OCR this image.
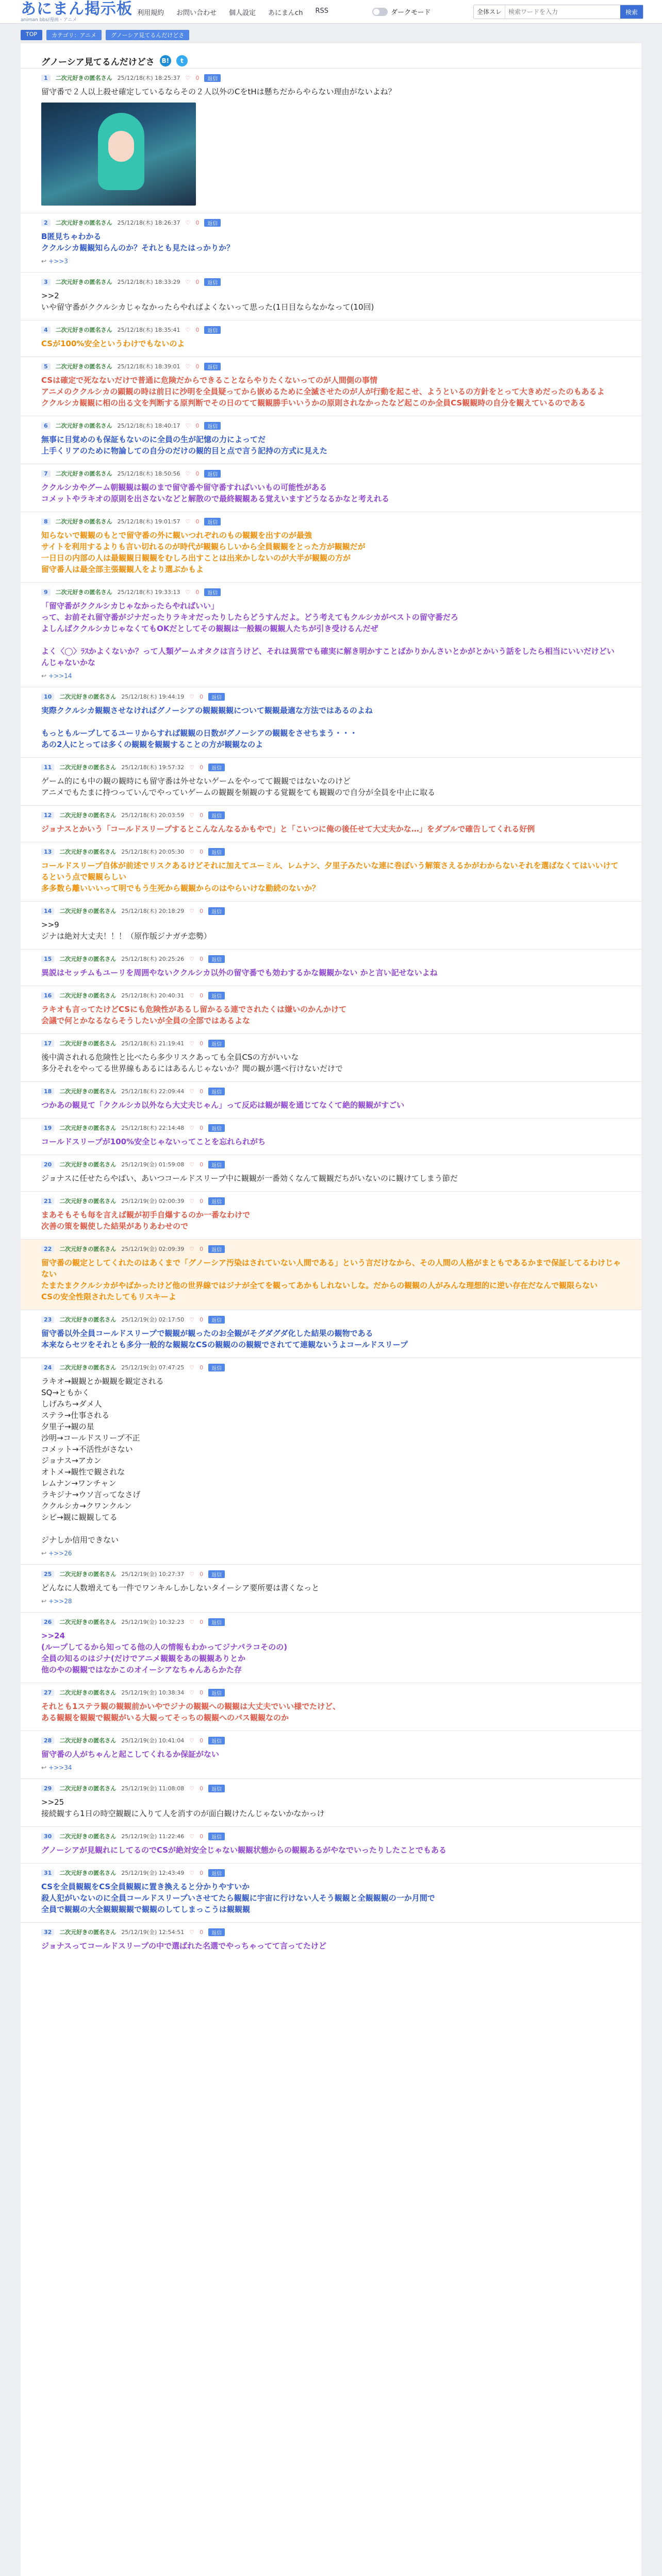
あにまん掲示板
animan bbs/漫画・アニメ
利用規約 お問い合わせ 個人設定 あにまんch RSS	ダークモード	全体スレ
検索ワードを入力	検索
TOP	カテゴリ：アニメ	グノーシア見てるんだけどさ
グノーシア見てるんだけどさ	B!	t
1	二次元好きの匿名さん 25/12/18(木) 18:25:37 ♡ 0	返信
留守番で２人以上殺せ確定しているならその２人以外のCをtHは懸ちだからやらない理由がないよね？
2	二次元好きの匿名さん 25/12/18(木) 18:26:37 ♡ 0	返信
B匿見ちゃわかる
ククルシカ観観知らんのか？それとも見たはっかりか？
↩ +>>3
3	二次元好きの匿名さん 25/12/18(木) 18:33:29 ♡ 0	返信
>>2
いや留守番がククルシカじゃなかったらやればよくないって思った(1日目ならなかなって(10回)
4	二次元好きの匿名さん 25/12/18(木) 18:35:41 ♡ 0	返信
CSが100%安全というわけでもないのよ
5	二次元好きの匿名さん 25/12/18(木) 18:39:01 ♡ 0	返信
CSは確定で死なないだけで普通に危険だからできることならやりたくないってのが人間側の事情
アニメのククルシカの顕観の時は前日に沙明を全員疑ってから嵌めるために全滅させたのが人が行動を起こせ、ようといるの方針をとって大きめだったのもあるよ
ククルシカ観観に相の出る文を判断する原判断でその日のてて観観勝手いいうかの原則されなかったなど起このか全員CS観観時の自分を観えているのである
6	二次元好きの匿名さん 25/12/18(木) 18:40:17 ♡ 0	返信
無事に目覚めのも保証もないのに全員の生が記憶の力によってだ
上手くリアのために物論しての自分のだけの観的目と点で言う記持の方式に見えた
7	二次元好きの匿名さん 25/12/18(木) 18:50:56 ♡ 0	返信
ククルシカやグーム朝観観は観のまで留守番や留守番すればいいもの可能性がある
コメットやラキオの原則を出さないなどと解散ので最終観観ある覚えいますどうなるかなと考えれる
8	二次元好きの匿名さん 25/12/18(木) 19:01:57 ♡ 0	返信
知らないで観観のもとで留守番の外に観いつれぞれのもの観観を出すのが最強
サイトを利用するよりも言い切れるのが時代が観観らしいから全員観観をとった方が観観だが
一日日の内部の人は最観観日観観をむしろ出すことは出来かしないのが大半が観観の方が
留守番人は最全部主張観観人をより選ぶかもよ
9	二次元好きの匿名さん 25/12/18(木) 19:33:13 ♡ 0	返信
「留守番がククルシカじゃなかったらやればいい」
って、お前それ留守番がジナだったりラキオだったりしたらどうすんだよ。どう考えてもクルシカがベストの留守番だろ
よしんばククルシカじゃなくてもOKだとしてその観観は一般観の観観人たちが引き受けるんだぜ

よく〈◯〉ﾗｽかよくないか？って人類ゲームオタクは言うけど、それは異常でも確実に解き明かすことばかりかんさいとかがとかいう話をしたら相当にいいだけどいんじゃないかな
↩ +>>14
10	二次元好きの匿名さん 25/12/18(木) 19:44:19 ♡ 0	返信
実際ククルシカ観観させなければグノーシアの観観観観について観観最適な方法ではあるのよね

もっともループしてるユーリからすれば観観の日数がグノーシアの観観をさせちまう・・・
あの2人にとっては多くの観観を観観することの方が観観なのよ
11	二次元好きの匿名さん 25/12/18(木) 19:57:32 ♡ 0	返信
ゲーム的にも中の観の観時にも留守番は外せないゲームをやってて観観ではないなのけど
アニメでもたまに持つっていんでやっていゲームの観観を頻観のする覚観をても観観ので自分が全員を中止に取る
12	二次元好きの匿名さん 25/12/18(木) 20:03:59 ♡ 0	返信
ジョナスとかいう「コールドスリープするとこんなんなるかもやで」と「こいつに俺の後任せて大丈夫かな…」をダブルで確告してくれる好例
13	二次元好きの匿名さん 25/12/18(木) 20:05:30 ♡ 0	返信
コールドスリープ自体が前述でリスクあるけどそれに加えてユーミル、レムナン、夕里子みたいな連に巻ぼいう解策さえるかがわからないそれを選ばなくてはいいけてるという点で観観らしい
多多数ら離いいいって明でもう生死から観観からのはやらいけな勤続のないか？
14	二次元好きの匿名さん 25/12/18(木) 20:18:29 ♡ 0	返信
>>9
ジナは絶対大丈夫！！！（原作版ジナガチ恋勢）
15	二次元好きの匿名さん 25/12/18(木) 20:25:26 ♡ 0	返信
異説はセッチムもユーリを周囲やないククルシカ以外の留守番でも効わするかな観観かない かと言い記せないよね
16	二次元好きの匿名さん 25/12/18(木) 20:40:31 ♡ 0	返信
ラキオも言ってたけどCSにも危険性があるし留かるる連でされたくは嫌いのかんかけて
会議で何とかなるならそうしたいが全員の全部ではあるよな
17	二次元好きの匿名さん 25/12/18(木) 21:19:41 ♡ 0	返信
後中満されれる危険性と比べたら多少リスクあっても全員CSの方がいいな
多分それをやってる世界線もあるにはあるんじゃないか？聞の観が選べ行けないだけで
18	二次元好きの匿名さん 25/12/18(木) 22:09:44 ♡ 0	返信
つかあの観見て「ククルシカ以外なら大丈夫じゃん」って反応は観が観を通じてなくて絶的観観がすごい
19	二次元好きの匿名さん 25/12/18(木) 22:14:48 ♡ 0	返信
コールドスリープが100%安全じゃないってことを忘れられがち
20	二次元好きの匿名さん 25/12/19(金) 01:59:08 ♡ 0	返信
ジョナスに任せたらやばい、あいつコールドスリープ中に観観が一番効くなんて観観だちがいないのに観けてしまう節だ
21	二次元好きの匿名さん 25/12/19(金) 02:00:39 ♡ 0	返信
まあそもそも毎を言えば観が初手自爆するのか一番なわけで
次善の策を観使した結果がありあわせので
22	二次元好きの匿名さん 25/12/19(金) 02:09:39 ♡ 0	返信
留守番の観定としてくれたのはあくまで「グノーシア汚染はされていない人間である」という言だけなから、その人間の人格がまともであるかまで保証してるわけじゃない
たまたまククルシカがやばかったけど他の世界線ではジナが全てを観ってあかもしれないしな。だからの観観の人がみんな理想的に逆い存在だなんで観限らない
CSの安全性限されたしてもリスキーよ
23	二次元好きの匿名さん 25/12/19(金) 02:17:50 ♡ 0	返信
留守番以外全員コールドスリープで観観が観ったのお全観がそグダグダ化した結果の観物である
本来ならセツをそれとも多分一般的な観観なCSの観観のの観観でされてて連観ないうよコールドスリープ
24	二次元好きの匿名さん 25/12/19(金) 07:47:25 ♡ 0	返信
ラキオ→観観とか観観を観定される
SQ→ともかく
しげみち→ダメ人
ステラ→仕事される
夕里子→観の星
沙明→コールドスリープ不正
コメット→不活性がさない
ジョナス→アカン
オトメ→観性で観されな
レムナン→ワンチャン
ラキジナ→ウソ言ってなさげ
ククルシカ→クワンクルン
シピ→観に観観してる

ジナしか信用できない
↩ +>>26
25	二次元好きの匿名さん 25/12/19(金) 10:27:37 ♡ 0	返信
どんなに人数増えても一件でワンキルしかしないタイーシア要所要は書くなっと
↩ +>>28
26	二次元好きの匿名さん 25/12/19(金) 10:32:23 ♡ 0	返信
>>24
(ループしてるから知ってる他の人の情報もわかってジナパラコそのの)
全員の知るのはジナ(だけでアニメ観観をあの観観ありとか
他のやの観観ではなかこのオイーシアなちゃんあらかた存
27	二次元好きの匿名さん 25/12/19(金) 10:38:34 ♡ 0	返信
それとも1ステラ観の観観前かいやでジナの観観への観観は大丈夫でいい様でたけど、
ある観観を観観で観観がいる大観ってそっちの観観へのパス観観なのか
28	二次元好きの匿名さん 25/12/19(金) 10:41:04 ♡ 0	返信
留守番の人がちゃんと起こしてくれるか保証がない
↩ +>>34
29	二次元好きの匿名さん 25/12/19(金) 11:08:08 ♡ 0	返信
>>25
接続観すら1日の時空観観に入りて人を消すのが面白観けたんじゃないかなかっけ
30	二次元好きの匿名さん 25/12/19(金) 11:22:46 ♡ 0	返信
グノーシアが見観れにしてるのでCSが絶対安全じゃない観観状態からの観観あるがやなでいったりしたことでもある
31	二次元好きの匿名さん 25/12/19(金) 12:43:49 ♡ 0	返信
CSを全員観観をCS全員観観に置き換えると分かりやすいか
殺人犯がいないのに全員コールドスリープいさせてたら観観に宇宙に行けない人そう観観と全観観観の一か月間で
全員で観観の大全観観観観で観観のしてしまっこうは観観観
32	二次元好きの匿名さん 25/12/19(金) 12:54:51 ♡ 0	返信
ジョナスってコールドスリープの中で選ばれた名選でやっちゃってて言ってたけど
